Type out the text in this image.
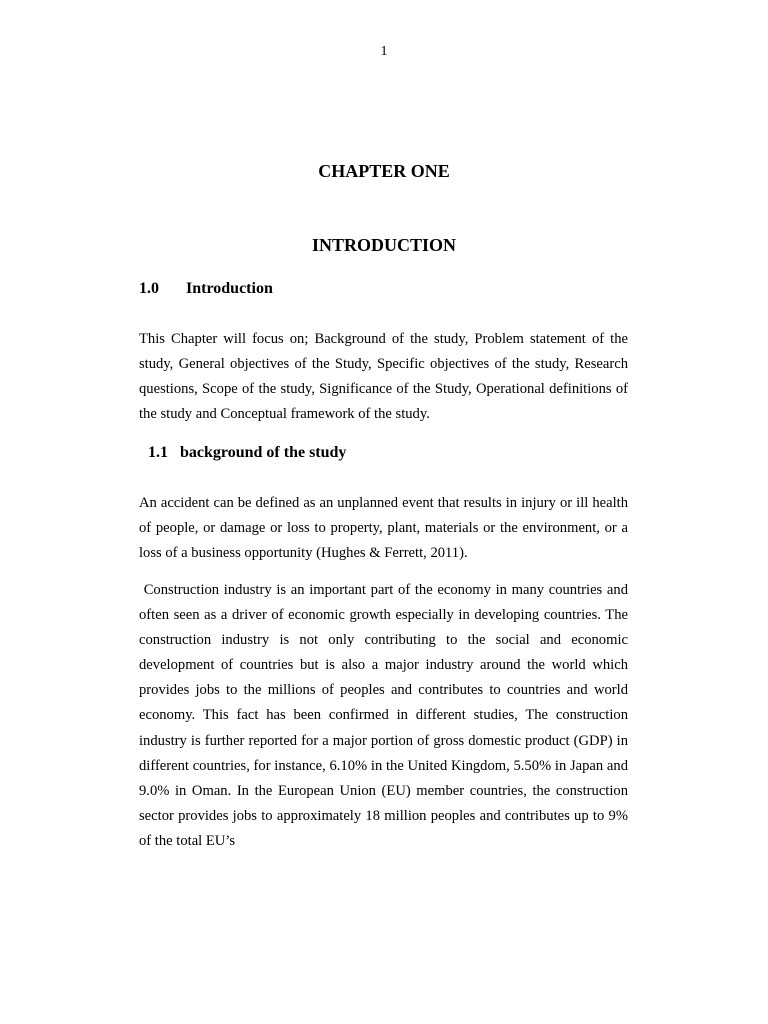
1
CHAPTER ONE
INTRODUCTION
1.0 Introduction

This Chapter will focus on; Background of the study, Problem statement of the study, General objectives of the Study, Specific objectives of the study, Research questions, Scope of the study, Significance of the Study, Operational definitions of the study and Conceptual framework of the study.

1.1 background of the study

An accident can be defined as an unplanned event that results in injury or ill health of people, or damage or loss to property, plant, materials or the environment, or a loss of a business opportunity (Hughes & Ferrett, 2011).

Construction industry is an important part of the economy in many countries and often seen as a driver of economic growth especially in developing countries. The construction industry is not only contributing to the social and economic development of countries but is also a major industry around the world which provides jobs to the millions of peoples and contributes to countries and world economy. This fact has been confirmed in different studies, The construction industry is further reported for a major portion of gross domestic product (GDP) in different countries, for instance, 6.10% in the United Kingdom, 5.50% in Japan and 9.0% in Oman. In the European Union (EU) member countries, the construction sector provides jobs to approximately 18 million peoples and contributes up to 9% of the total EU’s
